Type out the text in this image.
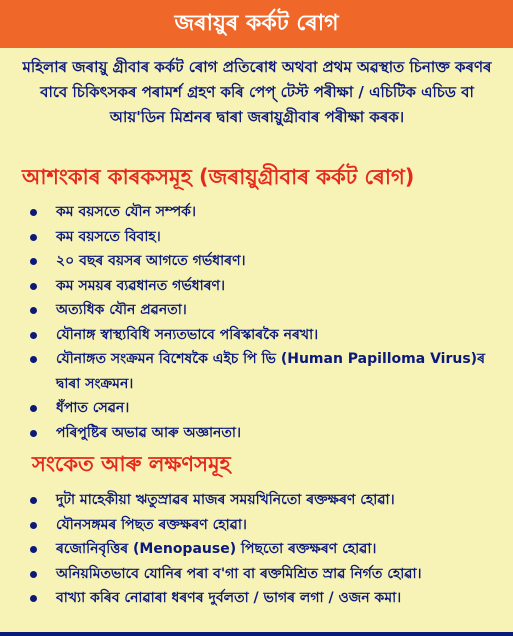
জৰায়ুৰ কৰ্কট ৰোগ

মহিলাৰ জৰায়ু গ্ৰীবাৰ কৰ্কট ৰোগ প্ৰতিৰোধ অথবা প্ৰথম অৱস্থাত চিনাক্ত কৰণৰ বাবে চিকিৎসকৰ পৰামৰ্শ গ্ৰহণ কৰি পেপ্ টেস্ট পৰীক্ষা / এচিটিক এচিড বা আয়'ডিন মিশ্ৰনৰ দ্বাৰা জৰায়ুগ্ৰীবাৰ পৰীক্ষা কৰক।

আশংকাৰ কাৰকসমূহ (জৰায়ুগ্ৰীবাৰ কৰ্কট ৰোগ)
কম বয়সতে যৌন সম্পৰ্ক।
কম বয়সতে বিবাহ।
২০ বছৰ বয়সৰ আগতে গৰ্ভধাৰণ।
কম সময়ৰ ব্যৱধানত গৰ্ভধাৰণ।
অত্যধিক যৌন প্ৰৱনতা।
যৌনাঙ্গ স্বাস্থ্যবিধি সন্যতভাবে পৰিস্কাৰকৈ নৰখা।
যৌনাঙ্গত সংক্ৰমন বিশেষকৈ এইচ পি ভি (Human Papilloma Virus)ৰ দ্বাৰা সংক্ৰমন।
ধঁপাত সেৱন।
পৰিপুষ্টিৰ অভাৱ আৰু অজ্ঞানতা।
সংকেত আৰু লক্ষণসমূহ
দুটা মাহেকীয়া ঋতুস্ৰাৱৰ মাজৰ সময়খিনিতো ৰক্তক্ষৰণ হোৱা।
যৌনসঙ্গমৰ পিছত ৰক্তক্ষৰণ হোৱা।
ৰজোনিবৃত্তিৰ (Menopause) পিছতো ৰক্তক্ষৰণ হোৱা।
অনিয়মিতভাবে যোনিৰ পৰা ব'গা বা ৰক্তমিশ্ৰিত স্ৰাৱ নিৰ্গত হোৱা।
বাখ্যা কৰিব নোৱাৰা ধৰণৰ দুৰ্বলতা / ভাগৰ লগা / ওজন কমা।
